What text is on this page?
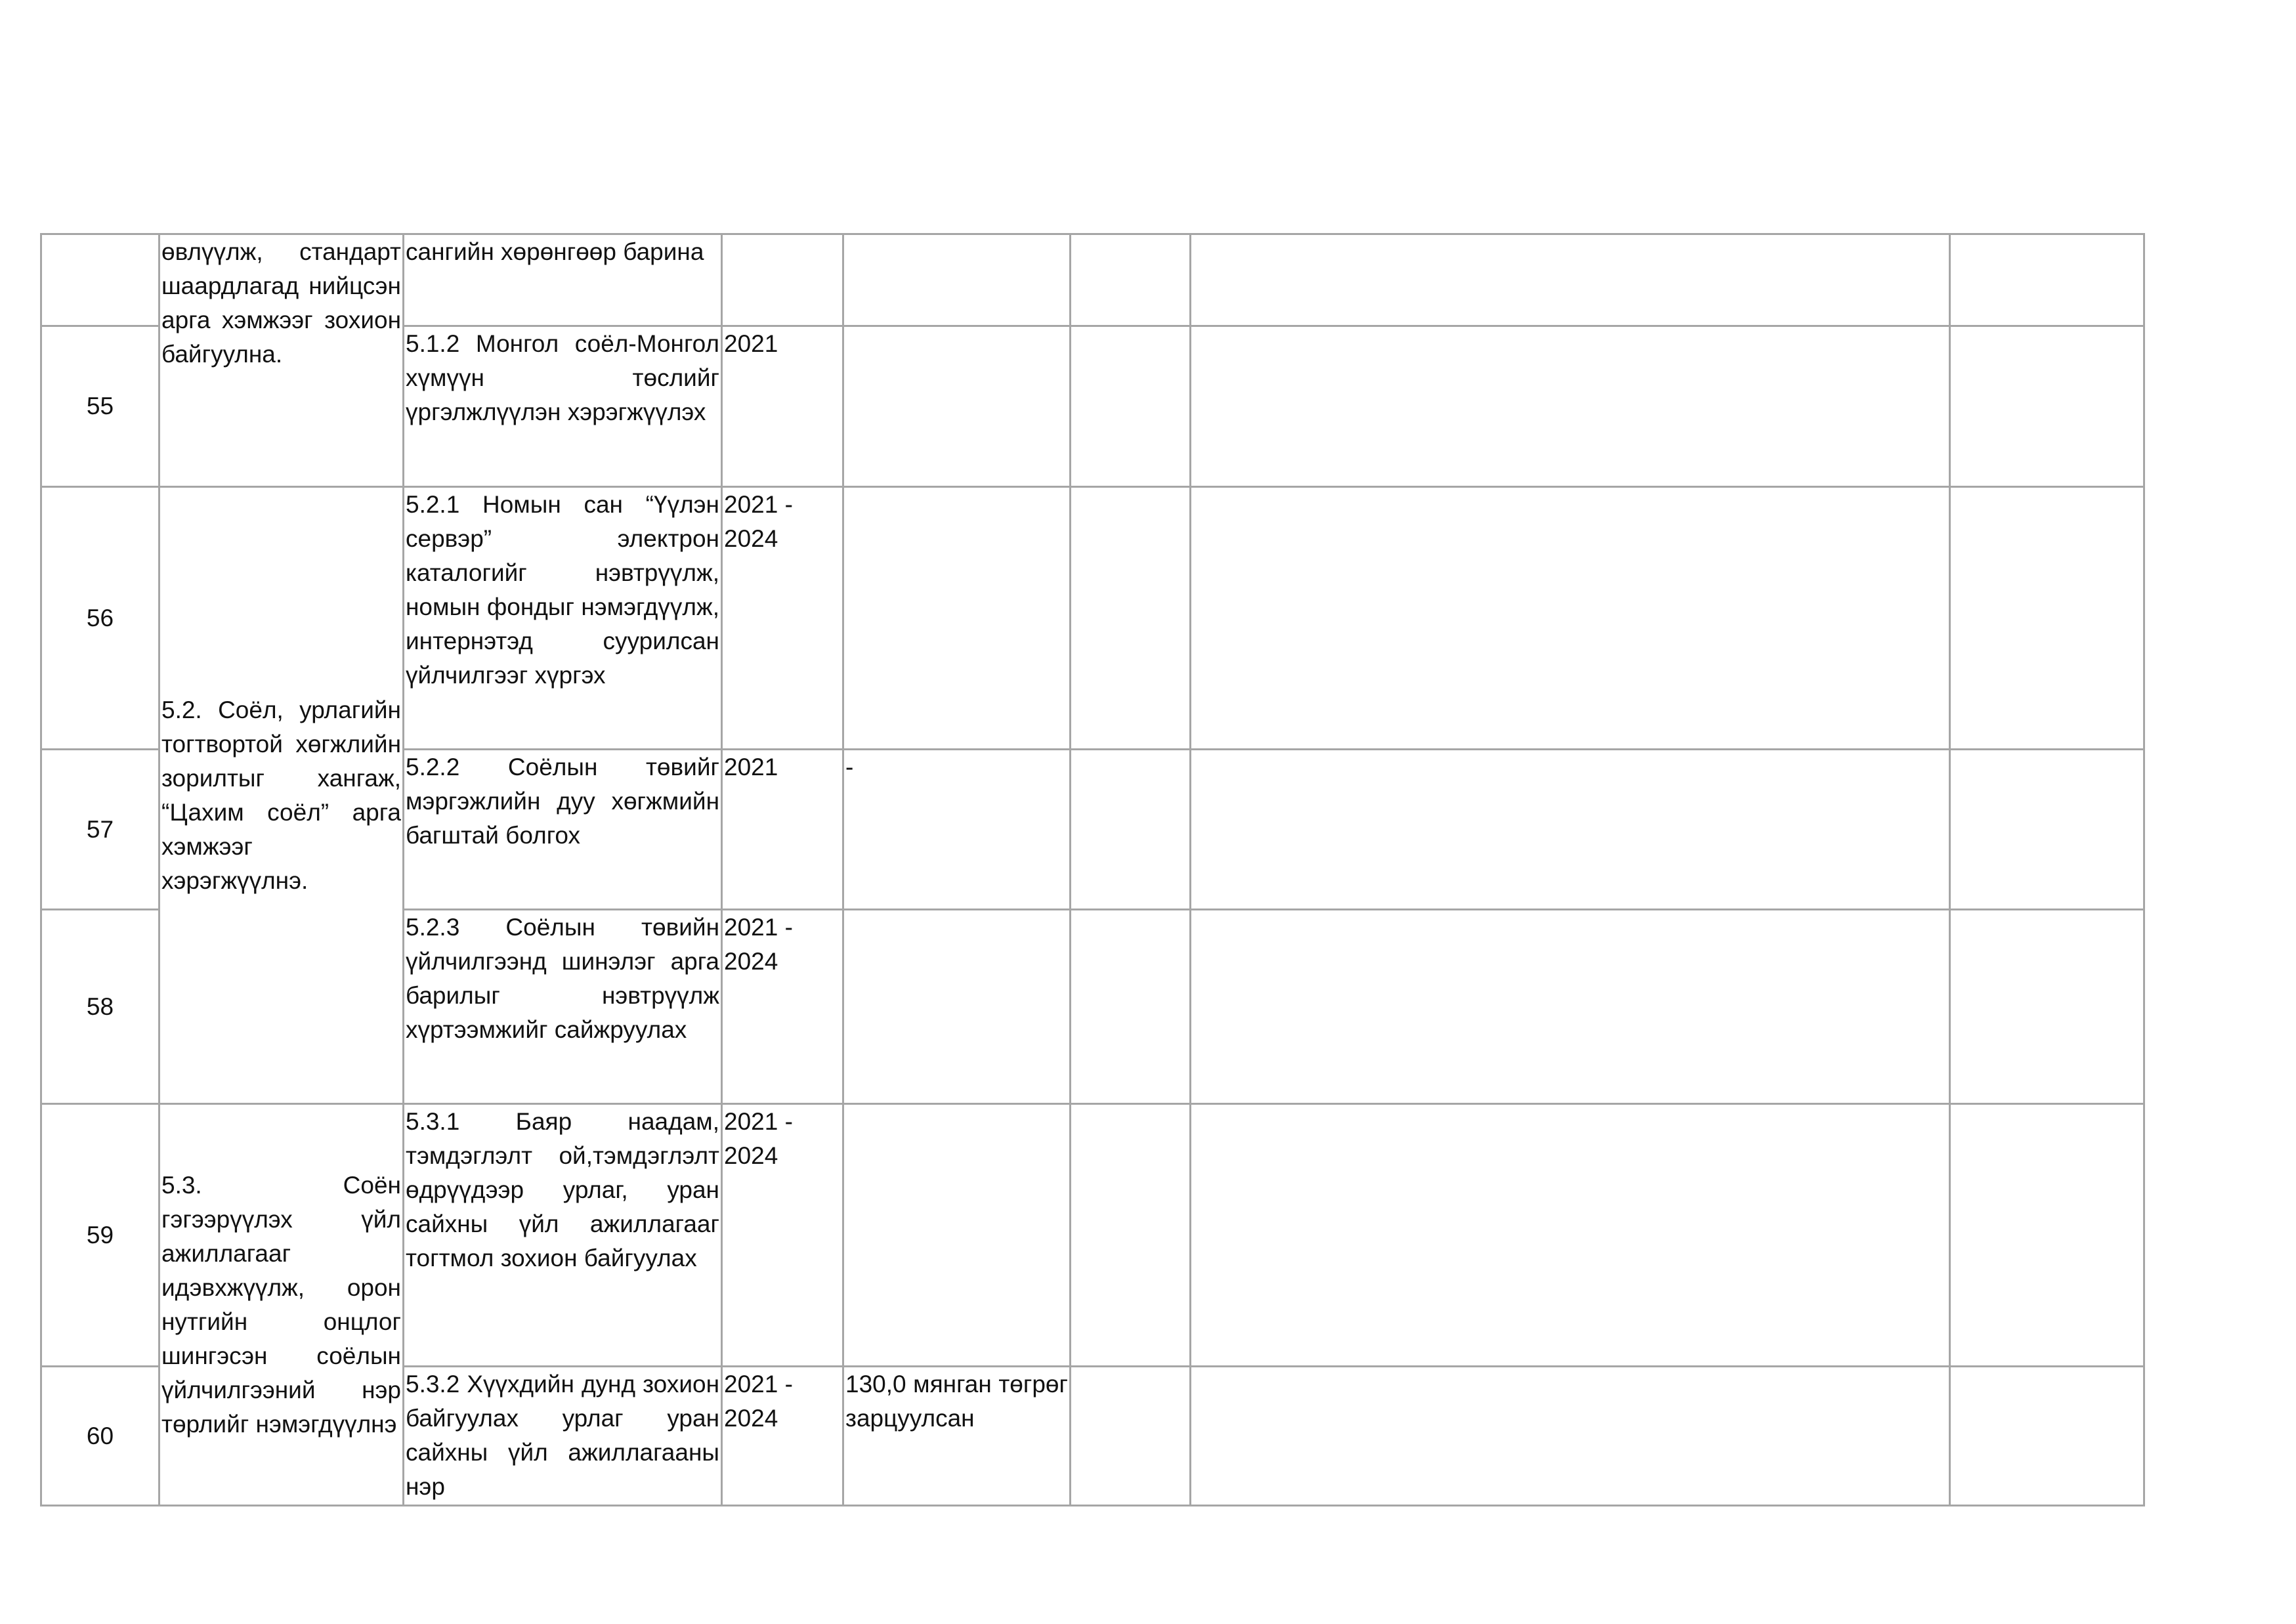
	өвлүүлж, стандарт шаардлагад нийцсэн арга хэмжээг зохион байгуулна.	сангийн хөрөнгөөр барина					
55		5.1.2 Монгол соёл-Монгол хүмүүн төслийг үргэлжлүүлэн хэрэгжүүлэх	2021				
56	5.2. Соёл, урлагийн тогтвортой хөгжлийн зорилтыг хангаж, “Цахим соёл” арга хэмжээг хэрэгжүүлнэ.	5.2.1 Номын сан “Үүлэн сервэр” электрон каталогийг нэвтрүүлж, номын фондыг нэмэгдүүлж, интернэтэд суурилсан үйлчилгээг хүргэх	2021 - 2024				
57		5.2.2 Соёлын төвийг мэргэжлийн дуу хөгжмийн багштай болгох	2021	-			
58		5.2.3 Соёлын төвийн үйлчилгээнд шинэлэг арга барилыг нэвтрүүлж хүртээмжийг сайжруулах	2021 - 2024				
59	5.3. Соён гэгээрүүлэх үйл ажиллагааг идэвхжүүлж, орон нутгийн онцлог шингэсэн соёлын үйлчилгээний нэр төрлийг нэмэгдүүлнэ	5.3.1 Баяр наадам, тэмдэглэлт ой,тэмдэглэлт өдрүүдээр урлаг, уран сайхны үйл ажиллагааг тогтмол зохион байгуулах	2021 - 2024				
60		5.3.2 Хүүхдийн дунд зохион байгуулах урлаг уран сайхны үйл ажиллагааны нэр	2021 - 2024	130,0 мянган төгрөг зарцуулсан			
